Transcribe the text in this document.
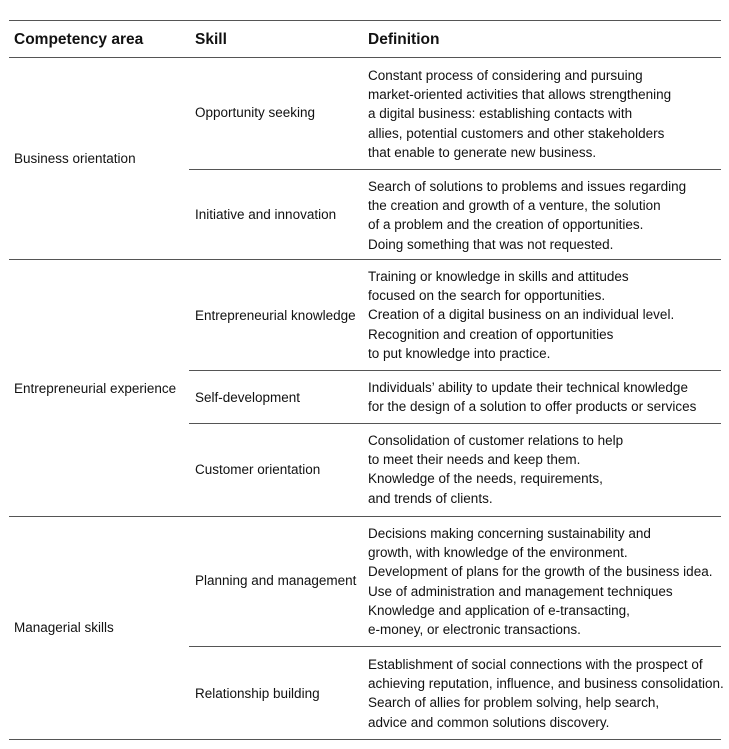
Competency area	Skill	Definition
Business orientation
Opportunity seeking
Constant process of considering and pursuing
market-oriented activities that allows strengthening
a digital business: establishing contacts with
allies, potential customers and other stakeholders
that enable to generate new business.
Initiative and innovation
Search of solutions to problems and issues regarding
the creation and growth of a venture, the solution
of a problem and the creation of opportunities.
Doing something that was not requested.
Entrepreneurial experience
Entrepreneurial knowledge
Training or knowledge in skills and attitudes
focused on the search for opportunities.
Creation of a digital business on an individual level.
Recognition and creation of opportunities
to put knowledge into practice.
Self-development
Individuals’ ability to update their technical knowledge
for the design of a solution to offer products or services
Customer orientation
Consolidation of customer relations to help
to meet their needs and keep them.
Knowledge of the needs, requirements,
and trends of clients.
Managerial skills
Planning and management
Decisions making concerning sustainability and
growth, with knowledge of the environment.
Development of plans for the growth of the business idea.
Use of administration and management techniques
Knowledge and application of e-transacting,
e-money, or electronic transactions.
Relationship building
Establishment of social connections with the prospect of
achieving reputation, influence, and business consolidation.
Search of allies for problem solving, help search,
advice and common solutions discovery.
